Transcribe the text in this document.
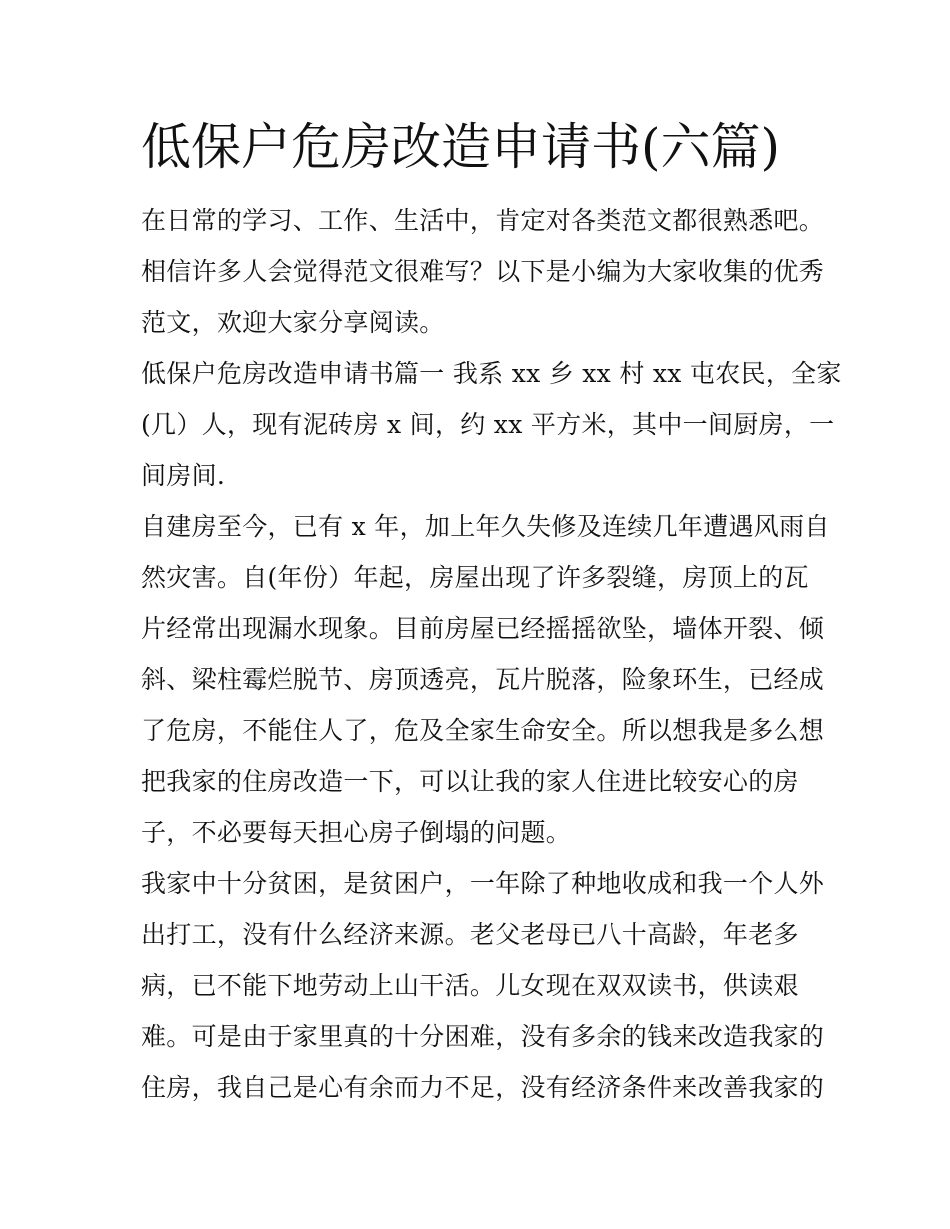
低保户危房改造申请书(六篇)

在日常的学习、工作、生活中，肯定对各类范文都很熟悉吧。

相信许多人会觉得范文很难写？以下是小编为大家收集的优秀

范文，欢迎大家分享阅读。

低保户危房改造申请书篇一 我系 xx 乡 xx 村 xx 屯农民，全家

(几）人，现有泥砖房 x 间，约 xx 平方米，其中一间厨房，一

间房间.

自建房至今，已有 x 年，加上年久失修及连续几年遭遇风雨自

然灾害。自(年份）年起，房屋出现了许多裂缝，房顶上的瓦

片经常出现漏水现象。目前房屋已经摇摇欲坠，墙体开裂、倾

斜、梁柱霉烂脱节、房顶透亮，瓦片脱落，险象环生，已经成

了危房，不能住人了，危及全家生命安全。所以想我是多么想

把我家的住房改造一下，可以让我的家人住进比较安心的房

子，不必要每天担心房子倒塌的问题。

我家中十分贫困，是贫困户，一年除了种地收成和我一个人外

出打工，没有什么经济来源。老父老母已八十高龄，年老多

病，已不能下地劳动上山干活。儿女现在双双读书，供读艰

难。可是由于家里真的十分困难，没有多余的钱来改造我家的

住房，我自己是心有余而力不足，没有经济条件来改善我家的
